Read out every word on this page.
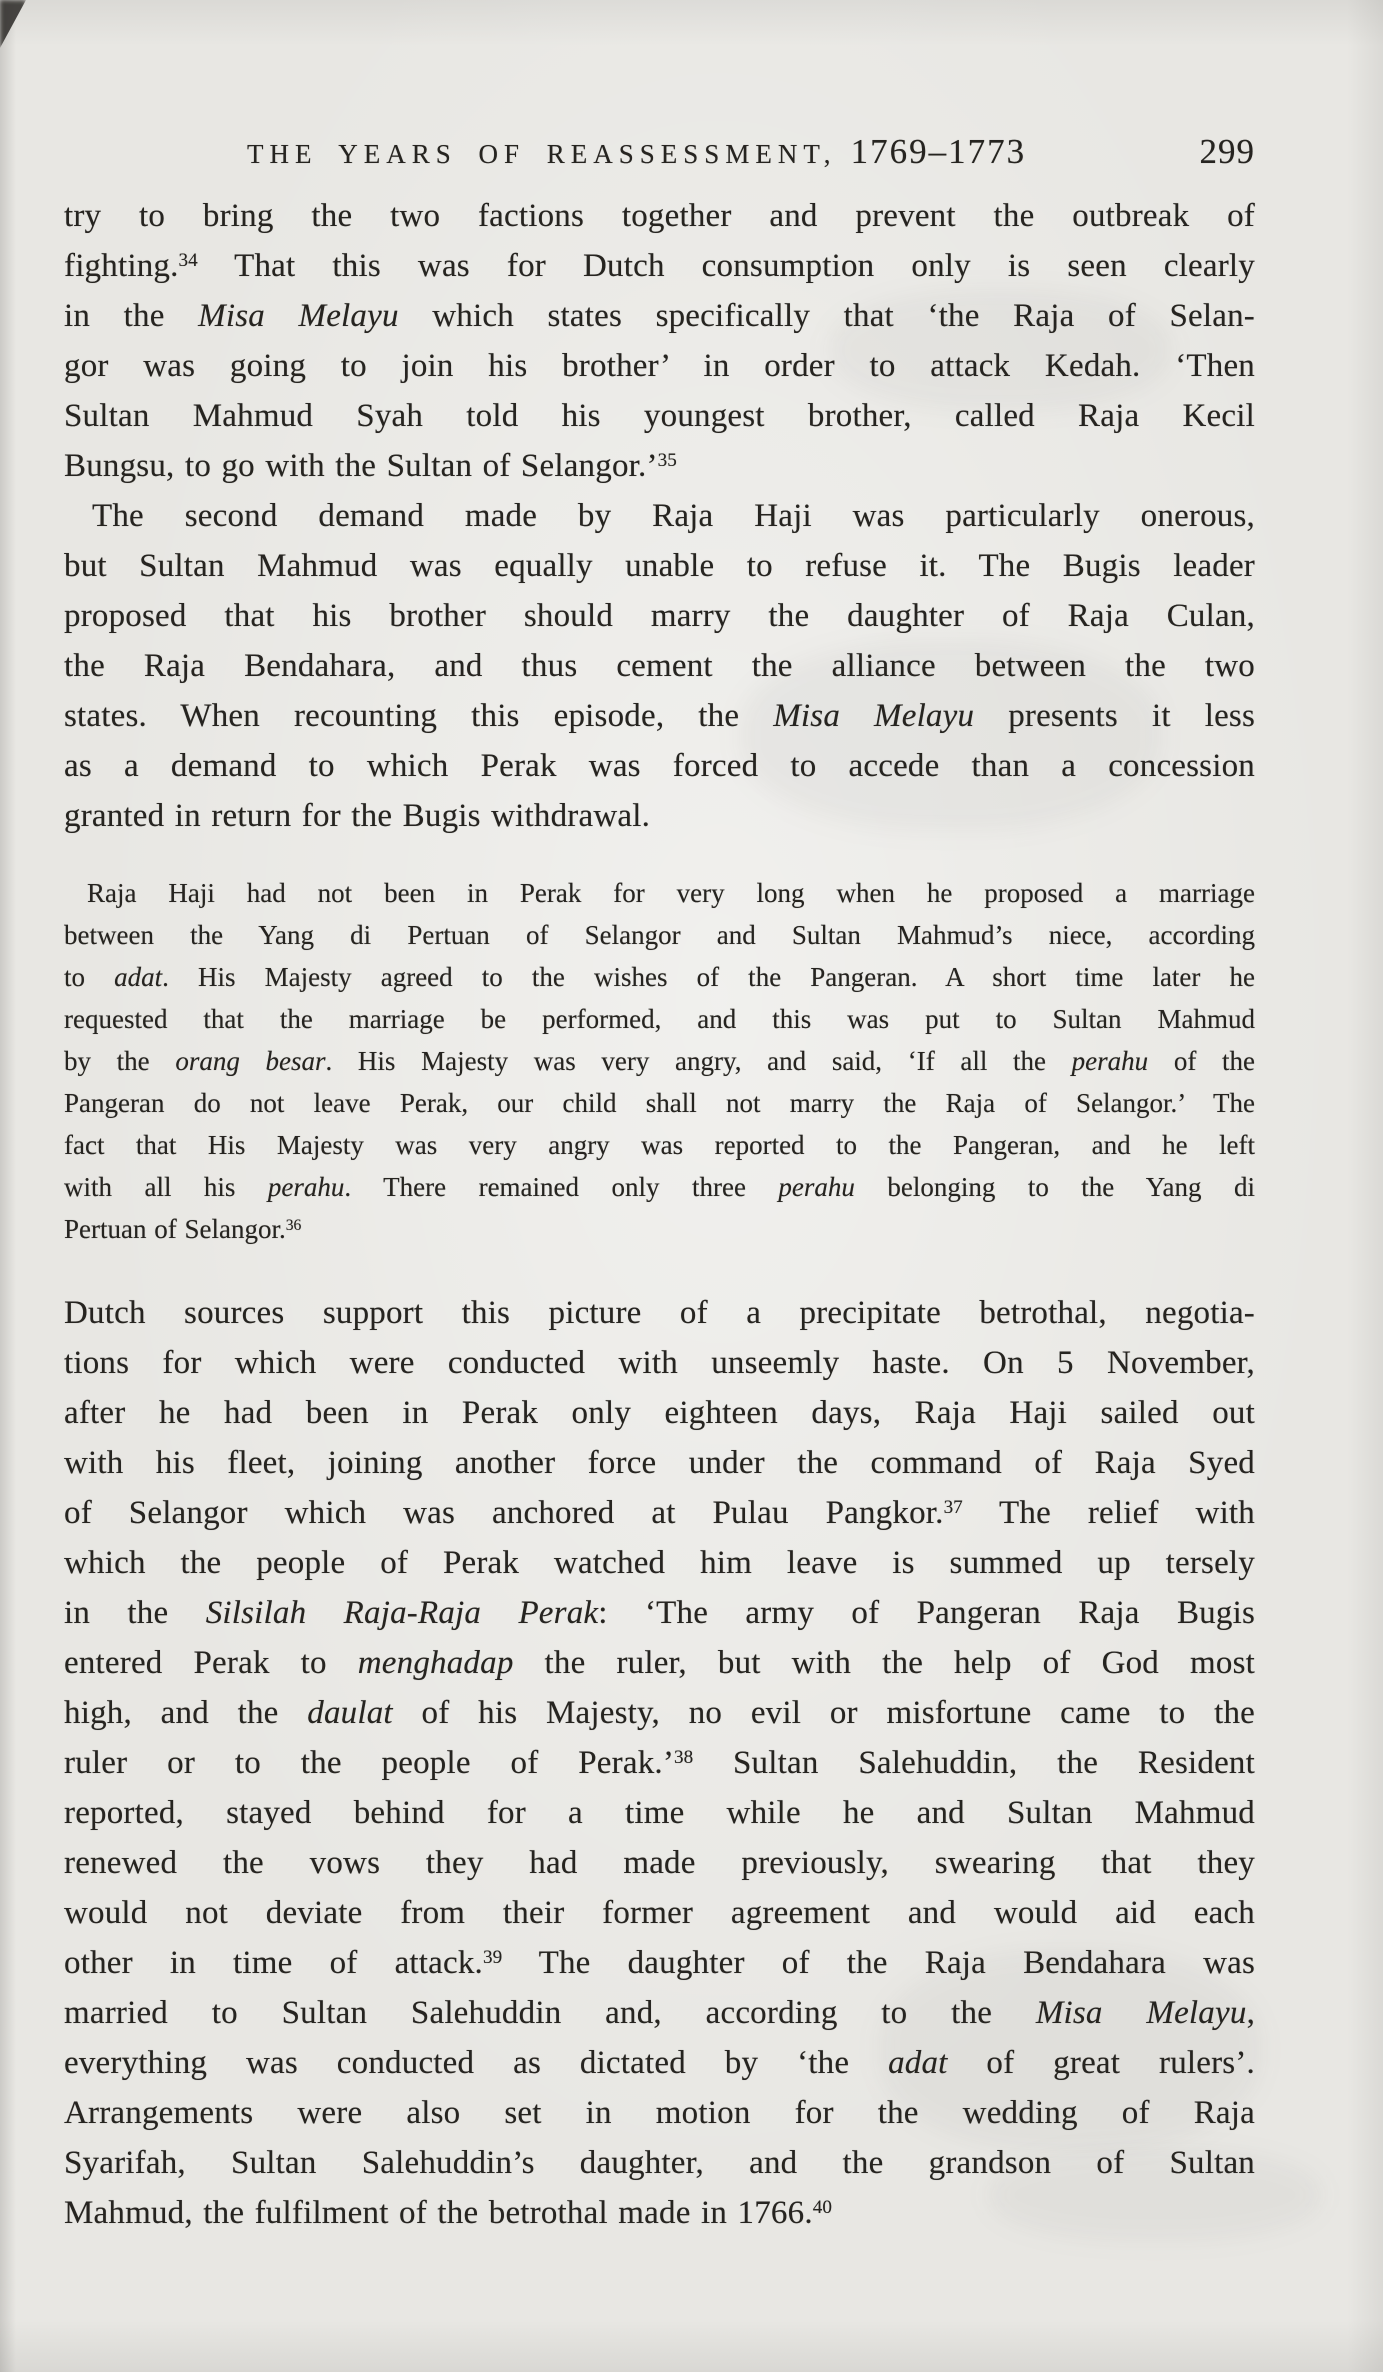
THE YEARS OF REASSESSMENT, 1769–1773	299
try to bring the two factions together and prevent the outbreak of
fighting.$^{34}$ That this was for Dutch consumption only is seen clearly
in the Misa Melayu which states specifically that ‘the Raja of Selan-
gor was going to join his brother’ in order to attack Kedah. ‘Then
Sultan Mahmud Syah told his youngest brother, called Raja Kecil
Bungsu, to go with the Sultan of Selangor.’$^{35}$
The second demand made by Raja Haji was particularly onerous,
but Sultan Mahmud was equally unable to refuse it. The Bugis leader
proposed that his brother should marry the daughter of Raja Culan,
the Raja Bendahara, and thus cement the alliance between the two
states. When recounting this episode, the Misa Melayu presents it less
as a demand to which Perak was forced to accede than a concession
granted in return for the Bugis withdrawal.
Raja Haji had not been in Perak for very long when he proposed a marriage
between the Yang di Pertuan of Selangor and Sultan Mahmud’s niece, according
to adat. His Majesty agreed to the wishes of the Pangeran. A short time later he
requested that the marriage be performed, and this was put to Sultan Mahmud
by the orang besar. His Majesty was very angry, and said, ‘If all the perahu of the
Pangeran do not leave Perak, our child shall not marry the Raja of Selangor.’ The
fact that His Majesty was very angry was reported to the Pangeran, and he left
with all his perahu. There remained only three perahu belonging to the Yang di
Pertuan of Selangor.$^{36}$
Dutch sources support this picture of a precipitate betrothal, negotia-
tions for which were conducted with unseemly haste. On 5 November,
after he had been in Perak only eighteen days, Raja Haji sailed out
with his fleet, joining another force under the command of Raja Syed
of Selangor which was anchored at Pulau Pangkor.$^{37}$ The relief with
which the people of Perak watched him leave is summed up tersely
in the Silsilah Raja-Raja Perak: ‘The army of Pangeran Raja Bugis
entered Perak to menghadap the ruler, but with the help of God most
high, and the daulat of his Majesty, no evil or misfortune came to the
ruler or to the people of Perak.’$^{38}$ Sultan Salehuddin, the Resident
reported, stayed behind for a time while he and Sultan Mahmud
renewed the vows they had made previously, swearing that they
would not deviate from their former agreement and would aid each
other in time of attack.$^{39}$ The daughter of the Raja Bendahara was
married to Sultan Salehuddin and, according to the Misa Melayu,
everything was conducted as dictated by ‘the adat of great rulers’.
Arrangements were also set in motion for the wedding of Raja
Syarifah, Sultan Salehuddin’s daughter, and the grandson of Sultan
Mahmud, the fulfilment of the betrothal made in 1766.40
